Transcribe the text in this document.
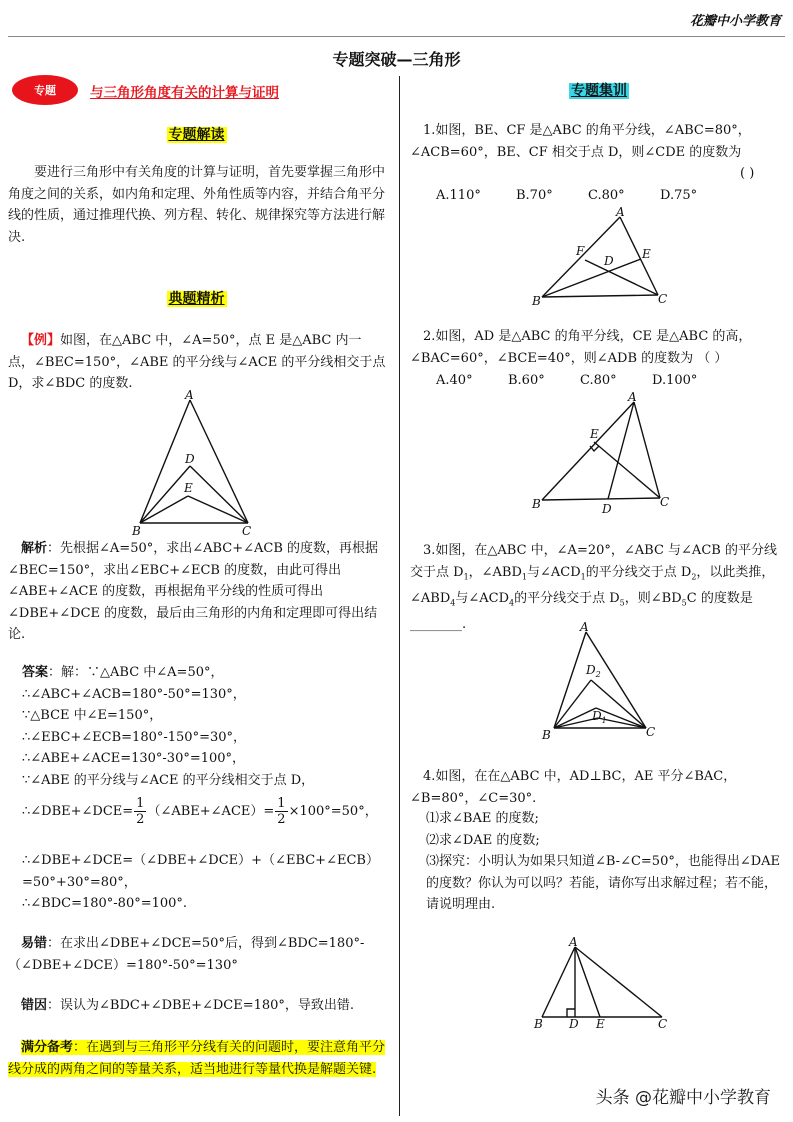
花瓣中小学教育
专题突破—三角形
专题	与三角形角度有关的计算与证明
专题解读
要进行三角形中有关角度的计算与证明，首先要掌握三角形中角度之间的关系，如内角和定理、外角性质等内容，并结合角平分线的性质，通过推理代换、列方程、转化、规律探究等方法进行解决.
典题精析
【例】如图，在△ABC 中，∠A=50°，点 E 是△ABC 内一点，∠BEC=150°，∠ABE 的平分线与∠ACE 的平分线相交于点 D，求∠BDC 的度数.
A
D
E
B	C
解析：先根据∠A=50°，求出∠ABC+∠ACB 的度数，再根据∠BEC=150°，求出∠EBC+∠ECB 的度数，由此可得出∠ABE+∠ACE 的度数，再根据角平分线的性质可得出∠DBE+∠DCE 的度数，最后由三角形的内角和定理即可得出结论.
答案：解：∵△ABC 中∠A=50°，
∴∠ABC+∠ACB=180°-50°=130°，
∵△BCE 中∠E=150°，
∴∠EBC+∠ECB=180°-150°=30°，
∴∠ABE+∠ACE=130°-30°=100°，
∵∠ABE 的平分线与∠ACE 的平分线相交于点 D，
∴∠DBE+∠DCE= $\frac{1}{2}$ （∠ABE+∠ACE）= $\frac{1}{2} \times 100^\circ=50^\circ$，
∴∠DBE+∠DCE=（∠DBE+∠DCE）+（∠EBC+∠ECB）
=50°+30°=80°，
∴∠BDC=180°-80°=100°.
易错：在求出∠DBE+∠DCE=50°后，得到∠BDC=180°-（∠DBE+∠DCE）=180°-50°=130°
错因：误认为∠BDC+∠DBE+∠DCE=180°，导致出错.
满分备考：在遇到与三角形平分线有关的问题时，要注意角平分线分成的两角之间的等量关系，适当地进行等量代换是解题关键.
专题集训
1.如图，BE、CF 是△ABC 的角平分线，∠ABC=80°，∠ACB=60°，BE、CF 相交于点 D，则∠CDE 的度数为
( )
A.110°	B.70°	C.80°	D.75°
A
F	E
D
B	C
2.如图，AD 是△ABC 的角平分线，CE 是△ABC 的高，∠BAC=60°，∠BCE=40°，则∠ADB 的度数为 （ ）
A.40°	B.60°	C.80°	D.100°
A
E
B	D	C
3.如图，在△ABC 中，∠A=20°，∠ABC 与∠ACB 的平分线交于点 $D_1$，$\angle ABD_1$与$\angle ACD_1$的平分线交于点 $D_2$，以此类推，$\angle ABD_4$与$\angle ACD_4$的平分线交于点 $D_5$，则$\angle BD_5C$ 的度数是________.	A
$D_2$
$D_1$
B	C
4.如图，在在△ABC 中，AD⊥BC，AE 平分∠BAC，∠B=80°，∠C=30°.
⑴求∠BAE 的度数;
⑵求∠DAE 的度数;
⑶探究：小明认为如果只知道∠B-∠C=50°，也能得出∠DAE 的度数？你认为可以吗？若能，请你写出求解过程；若不能，请说明理由.
A
B D E	C
头条 @花瓣中小学教育
